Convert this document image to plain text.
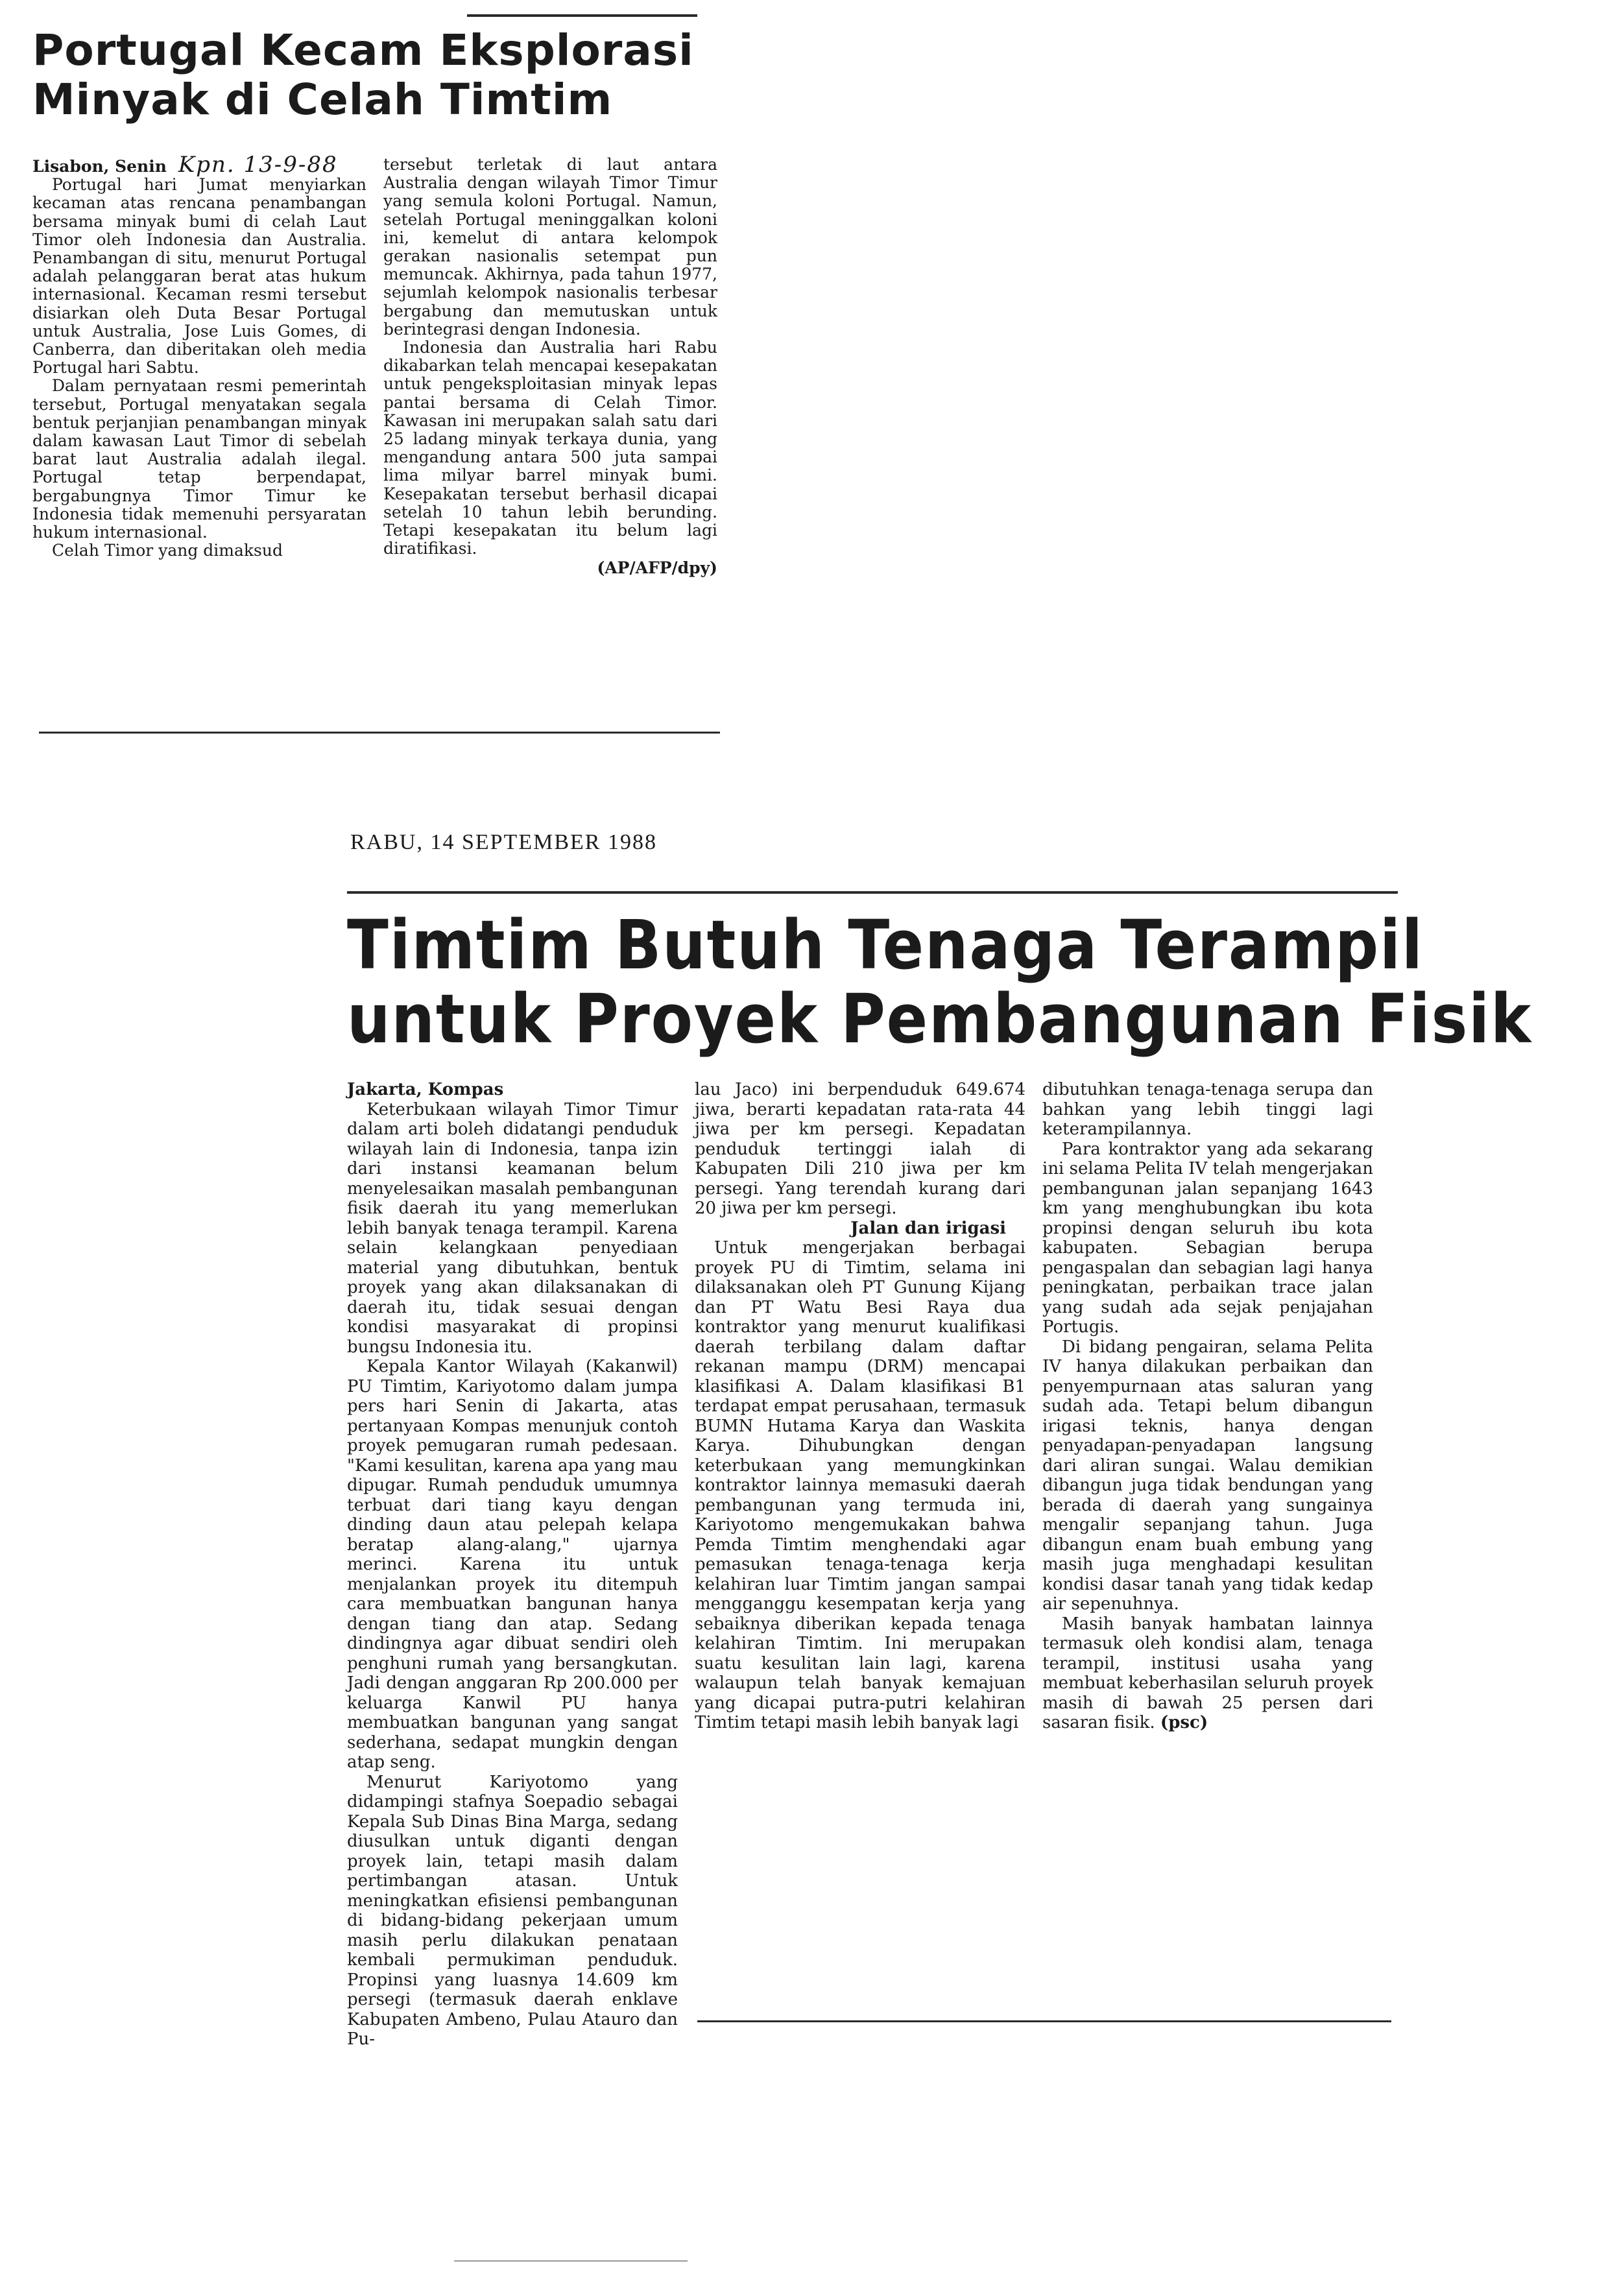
Portugal Kecam Eksplorasi
Minyak di Celah Timtim

Lisabon, Senin Kpn. 13-9-88

Portugal hari Jumat menyiarkan kecaman atas rencana penambangan bersama minyak bumi di celah Laut Timor oleh Indonesia dan Australia. Penambangan di situ, menurut Portugal adalah pelanggaran berat atas hukum internasional. Kecaman resmi tersebut disiarkan oleh Duta Besar Portugal untuk Australia, Jose Luis Gomes, di Canberra, dan diberitakan oleh media Portugal hari Sabtu.

Dalam pernyataan resmi pemerintah tersebut, Portugal menyatakan segala bentuk perjanjian penambangan minyak dalam kawasan Laut Timor di sebelah barat laut Australia adalah ilegal. Portugal tetap berpendapat, bergabungnya Timor Timur ke Indonesia tidak memenuhi persyaratan hukum internasional.

Celah Timor yang dimaksud

tersebut terletak di laut antara Australia dengan wilayah Timor Timur yang semula koloni Portugal. Namun, setelah Portugal meninggalkan koloni ini, kemelut di antara kelompok gerakan nasionalis setempat pun memuncak. Akhirnya, pada tahun 1977, sejumlah kelompok nasionalis terbesar bergabung dan memutuskan untuk berintegrasi dengan Indonesia.

Indonesia dan Australia hari Rabu dikabarkan telah mencapai kesepakatan untuk pengeksploitasian minyak lepas pantai bersama di Celah Timor. Kawasan ini merupakan salah satu dari 25 ladang minyak terkaya dunia, yang mengandung antara 500 juta sampai lima milyar barrel minyak bumi. Kesepakatan tersebut berhasil dicapai setelah 10 tahun lebih berunding. Tetapi kesepakatan itu belum lagi diratifikasi.

(AP/AFP/dpy)
RABU, 14 SEPTEMBER 1988
Timtim Butuh Tenaga Terampil
untuk Proyek Pembangunan Fisik

Jakarta, Kompas

Keterbukaan wilayah Timor Timur dalam arti boleh didatangi penduduk wilayah lain di Indonesia, tanpa izin dari instansi keamanan belum menyelesaikan masalah pembangunan fisik daerah itu yang memerlukan lebih banyak tenaga terampil. Karena selain kelangkaan penyediaan material yang dibutuhkan, bentuk proyek yang akan dilaksanakan di daerah itu, tidak sesuai dengan kondisi masyarakat di propinsi bungsu Indonesia itu.

Kepala Kantor Wilayah (Kakanwil) PU Timtim, Kariyotomo dalam jumpa pers hari Senin di Jakarta, atas pertanyaan Kompas menunjuk contoh proyek pemugaran rumah pedesaan. "Kami kesulitan, karena apa yang mau dipugar. Rumah penduduk umumnya terbuat dari tiang kayu dengan dinding daun atau pelepah kelapa beratap alang-alang," ujarnya merinci. Karena itu untuk menjalankan proyek itu ditempuh cara membuatkan bangunan hanya dengan tiang dan atap. Sedang dindingnya agar dibuat sendiri oleh penghuni rumah yang bersangkutan. Jadi dengan anggaran Rp 200.000 per keluarga Kanwil PU hanya membuatkan bangunan yang sangat sederhana, sedapat mungkin dengan atap seng.

Menurut Kariyotomo yang didampingi stafnya Soepadio sebagai Kepala Sub Dinas Bina Marga, sedang diusulkan untuk diganti dengan proyek lain, tetapi masih dalam pertimbangan atasan. Untuk meningkatkan efisiensi pembangunan di bidang-bidang pekerjaan umum masih perlu dilakukan penataan kembali permukiman penduduk. Propinsi yang luasnya 14.609 km persegi (termasuk daerah enklave Kabupaten Ambeno, Pulau Atauro dan Pu-

lau Jaco) ini berpenduduk 649.674 jiwa, berarti kepadatan rata-rata 44 jiwa per km persegi. Kepadatan penduduk tertinggi ialah di Kabupaten Dili 210 jiwa per km persegi. Yang terendah kurang dari 20 jiwa per km persegi.

Jalan dan irigasi

Untuk mengerjakan berbagai proyek PU di Timtim, selama ini dilaksanakan oleh PT Gunung Kijang dan PT Watu Besi Raya dua kontraktor yang menurut kualifikasi daerah terbilang dalam daftar rekanan mampu (DRM) mencapai klasifikasi A. Dalam klasifikasi B1 terdapat empat perusahaan, termasuk BUMN Hutama Karya dan Waskita Karya. Dihubungkan dengan keterbukaan yang memungkinkan kontraktor lainnya memasuki daerah pembangunan yang termuda ini, Kariyotomo mengemukakan bahwa Pemda Timtim menghendaki agar pemasukan tenaga-tenaga kerja kelahiran luar Timtim jangan sampai mengganggu kesempatan kerja yang sebaiknya diberikan kepada tenaga kelahiran Timtim. Ini merupakan suatu kesulitan lain lagi, karena walaupun telah banyak kemajuan yang dicapai putra-putri kelahiran Timtim tetapi masih lebih banyak lagi

dibutuhkan tenaga-tenaga serupa dan bahkan yang lebih tinggi lagi keterampilannya.

Para kontraktor yang ada sekarang ini selama Pelita IV telah mengerjakan pembangunan jalan sepanjang 1643 km yang menghubungkan ibu kota propinsi dengan seluruh ibu kota kabupaten. Sebagian berupa pengaspalan dan sebagian lagi hanya peningkatan, perbaikan trace jalan yang sudah ada sejak penjajahan Portugis.

Di bidang pengairan, selama Pelita IV hanya dilakukan perbaikan dan penyempurnaan atas saluran yang sudah ada. Tetapi belum dibangun irigasi teknis, hanya dengan penyadapan-penyadapan langsung dari aliran sungai. Walau demikian dibangun juga tidak bendungan yang berada di daerah yang sungainya mengalir sepanjang tahun. Juga dibangun enam buah embung yang masih juga menghadapi kesulitan kondisi dasar tanah yang tidak kedap air sepenuhnya.

Masih banyak hambatan lainnya termasuk oleh kondisi alam, tenaga terampil, institusi usaha yang membuat keberhasilan seluruh proyek masih di bawah 25 persen dari sasaran fisik. (psc)
